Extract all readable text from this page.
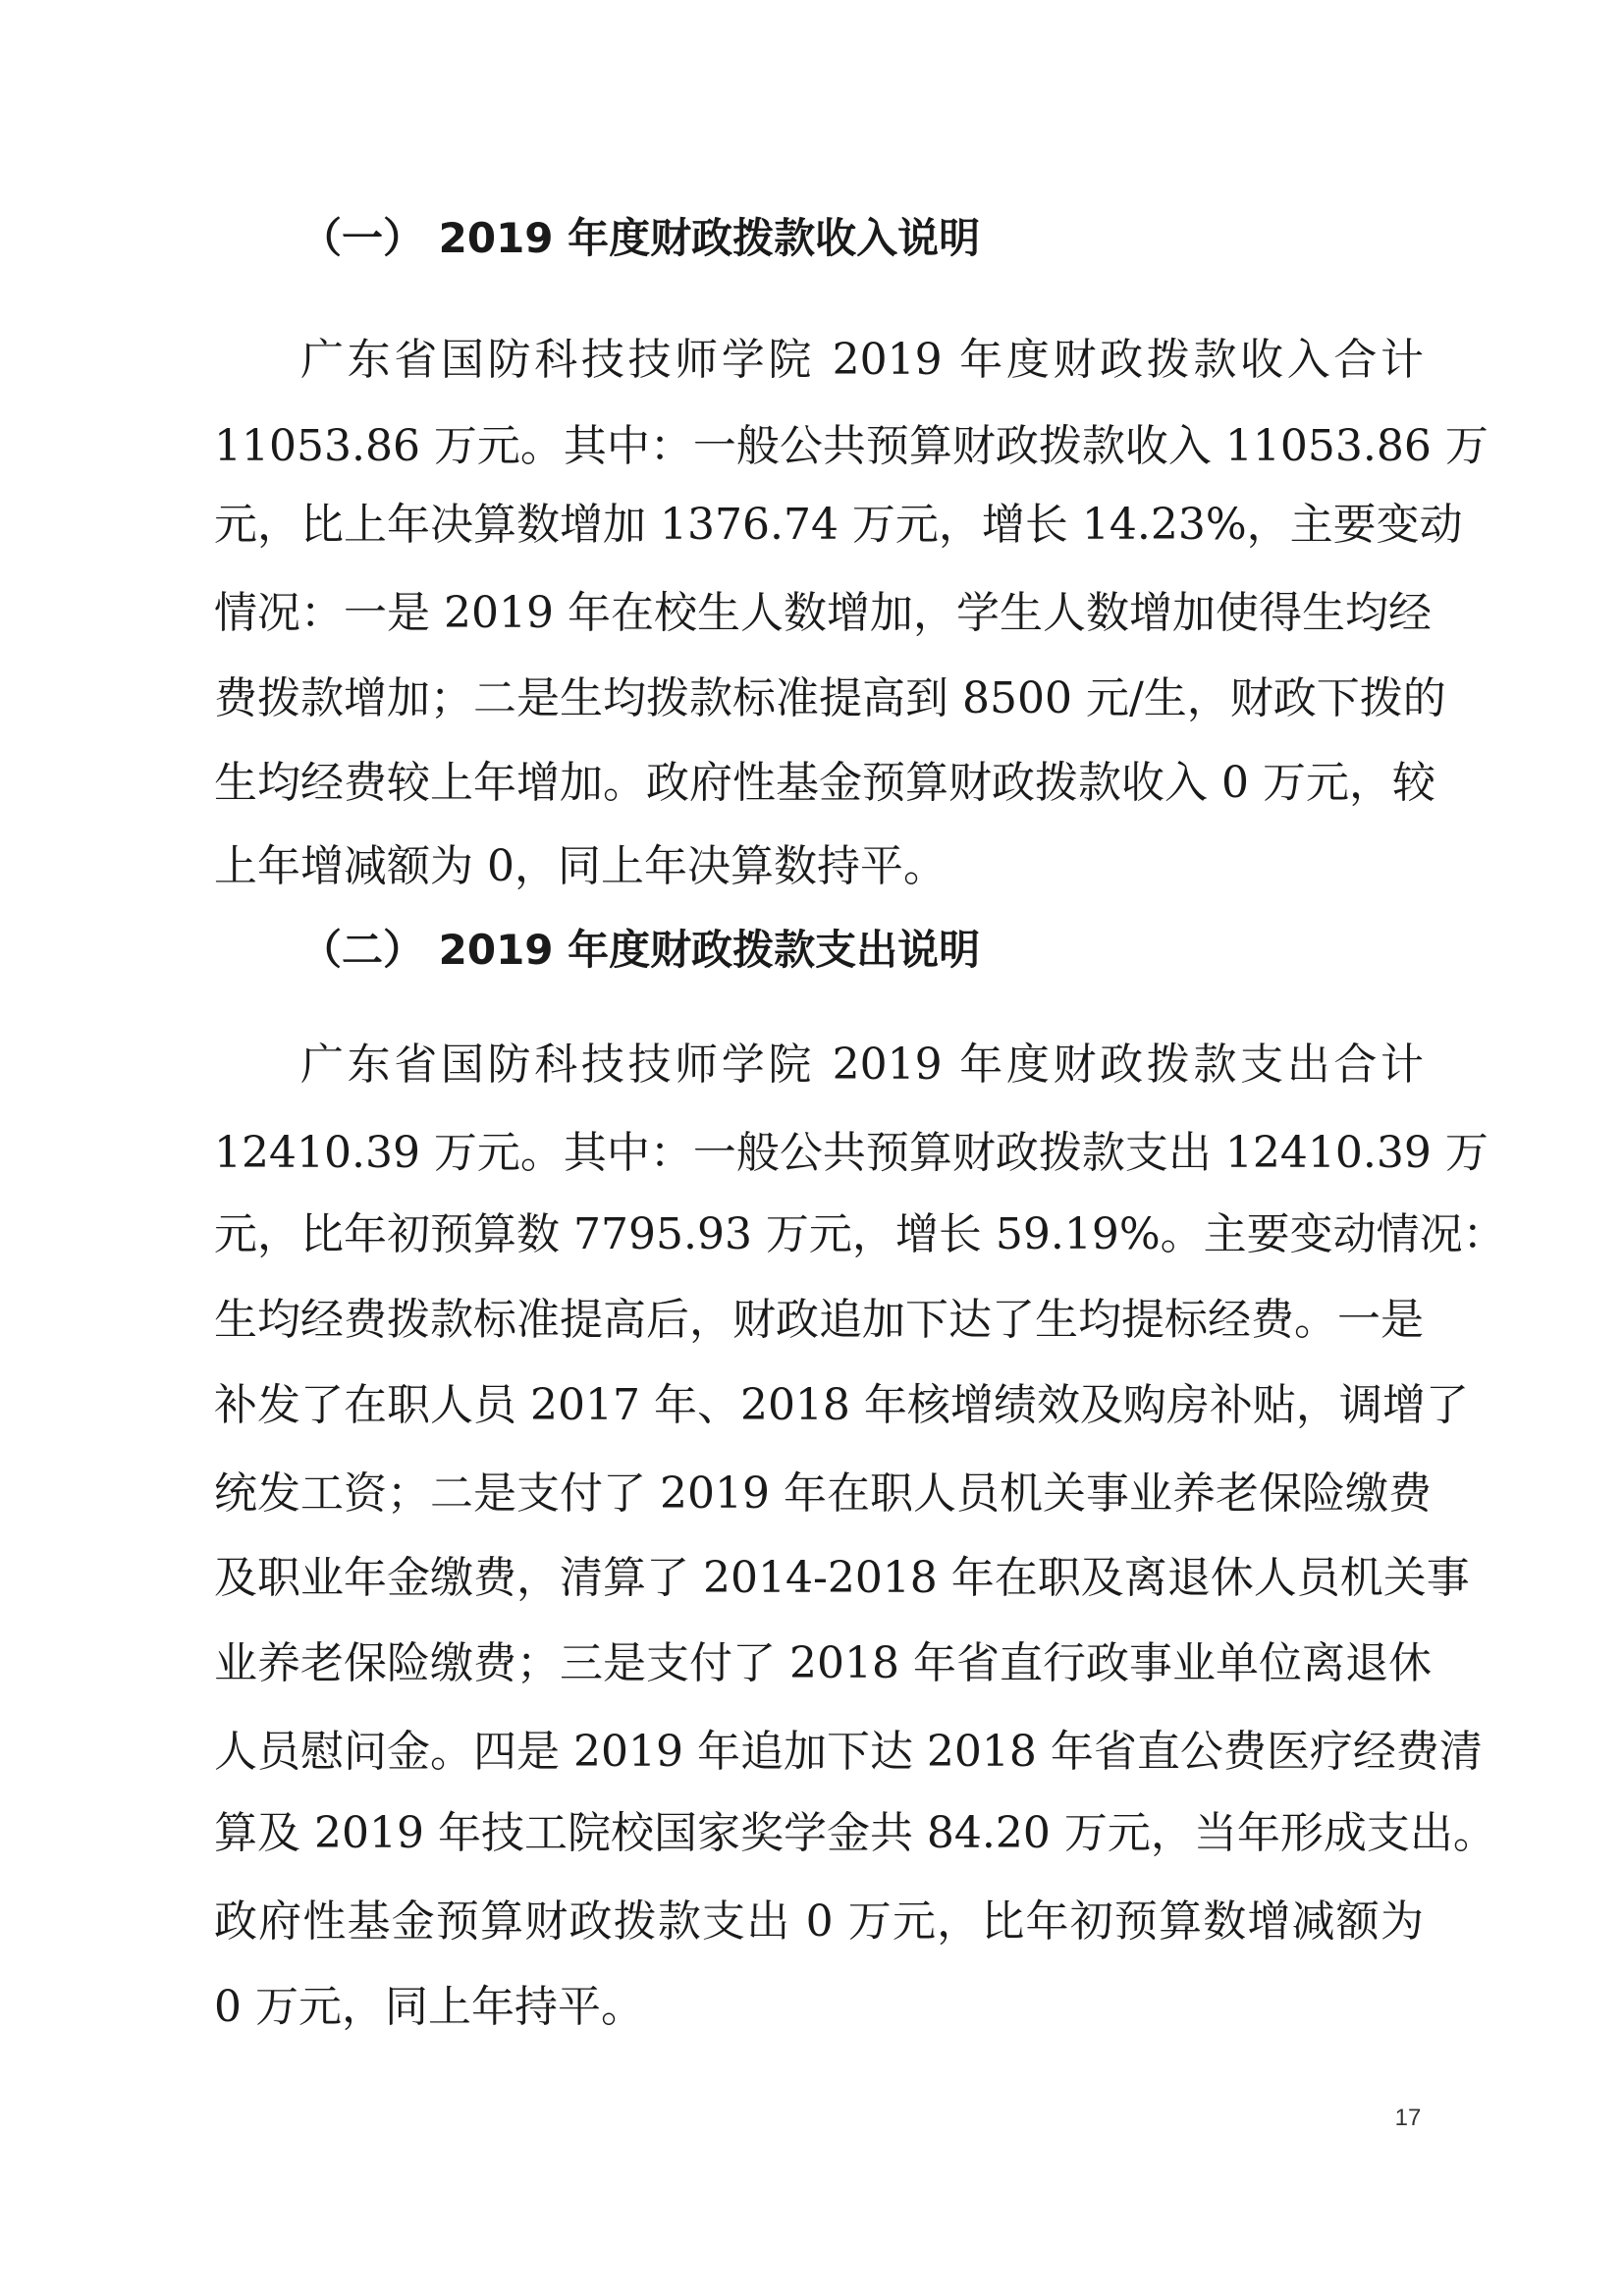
（一） 2019 年度财政拨款收入说明

广东省国防科技技师学院 2019 年度财政拨款收入合计

11053.86 万元。其中：一般公共预算财政拨款收入 11053.86 万

元，比上年决算数增加 1376.74 万元，增长 14.23%，主要变动

情况：一是 2019 年在校生人数增加，学生人数增加使得生均经

费拨款增加；二是生均拨款标准提高到 8500 元/生，财政下拨的

生均经费较上年增加。政府性基金预算财政拨款收入 0 万元，较

上年增减额为 0，同上年决算数持平。

（二） 2019 年度财政拨款支出说明

广东省国防科技技师学院 2019 年度财政拨款支出合计

12410.39 万元。其中：一般公共预算财政拨款支出 12410.39 万

元，比年初预算数 7795.93 万元，增长 59.19%。主要变动情况：

生均经费拨款标准提高后，财政追加下达了生均提标经费。一是

补发了在职人员 2017 年、2018 年核增绩效及购房补贴，调增了

统发工资；二是支付了 2019 年在职人员机关事业养老保险缴费

及职业年金缴费，清算了 2014-2018 年在职及离退休人员机关事

业养老保险缴费；三是支付了 2018 年省直行政事业单位离退休

人员慰问金。四是 2019 年追加下达 2018 年省直公费医疗经费清

算及 2019 年技工院校国家奖学金共 84.20 万元，当年形成支出。

政府性基金预算财政拨款支出 0 万元，比年初预算数增减额为

0 万元，同上年持平。

17
